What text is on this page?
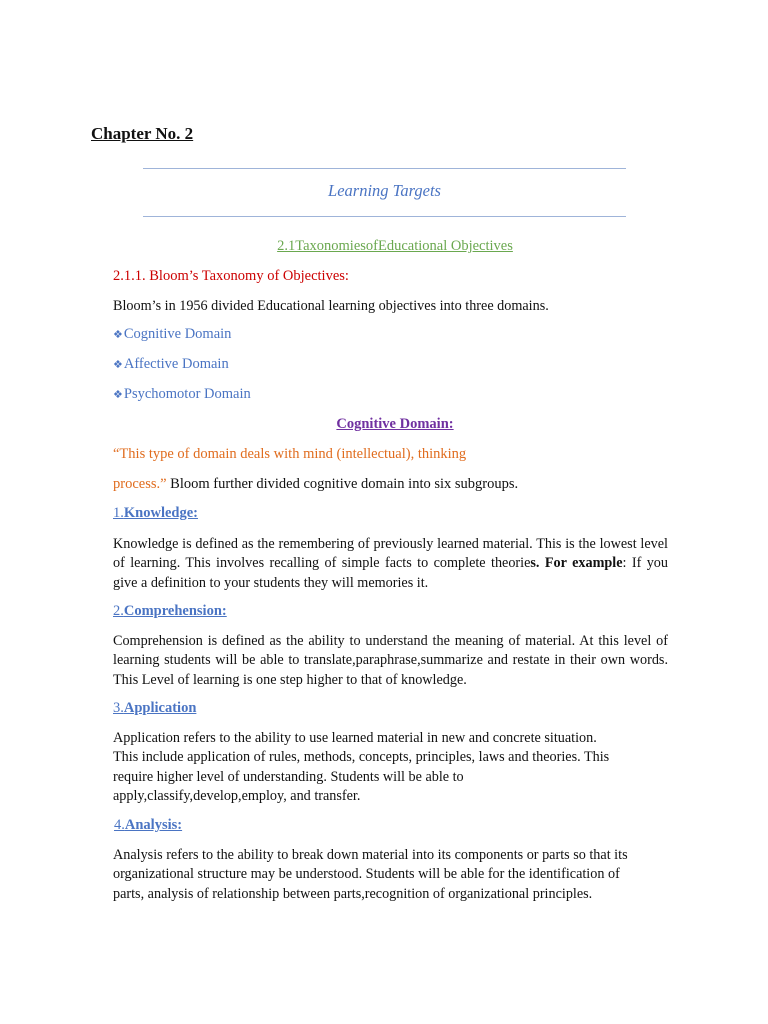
Chapter No. 2
Learning Targets
2.1TaxonomiesofEducational Objectives
2.1.1. Bloom’s Taxonomy of Objectives:
Bloom’s in 1956 divided Educational learning objectives into three domains.
❖Cognitive Domain
❖Affective Domain
❖Psychomotor Domain
Cognitive Domain:
“This type of domain deals with mind (intellectual), thinking
process.” Bloom further divided cognitive domain into six subgroups.
1.Knowledge:
Knowledge is defined as the remembering of previously learned material. This is the lowest level of learning. This involves recalling of simple facts to complete theories. For example: If you give a definition to your students they will memories it.
2.Comprehension:
Comprehension is defined as the ability to understand the meaning of material. At this level of learning students will be able to translate,paraphrase,summarize and restate in their own words. This Level of learning is one step higher to that of knowledge.
3.Application
Application refers to the ability to use learned material in new and concrete situation.
This include application of rules, methods, concepts, principles, laws and theories. This
require higher level of understanding. Students will be able to
apply,classify,develop,employ, and transfer.
4.Analysis:
Analysis refers to the ability to break down material into its components or parts so that its
organizational structure may be understood. Students will be able for the identification of
parts, analysis of relationship between parts,recognition of organizational principles.
